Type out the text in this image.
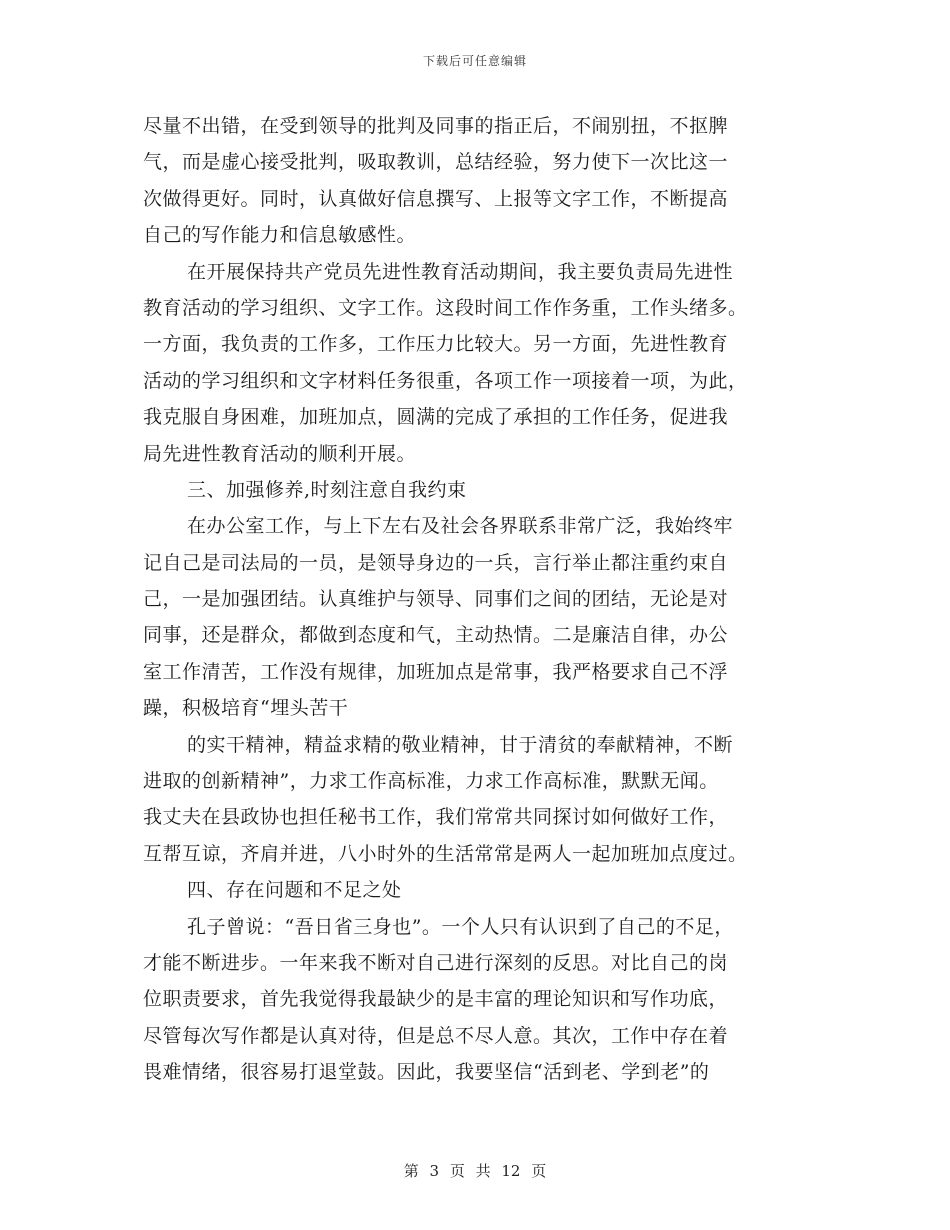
下载后可任意编辑
尽量不出错，在受到领导的批判及同事的指正后，不闹别扭，不抠脾
气，而是虚心接受批判，吸取教训，总结经验，努力使下一次比这一
次做得更好。同时，认真做好信息撰写、上报等文字工作，不断提高
自己的写作能力和信息敏感性。
在开展保持共产党员先进性教育活动期间，我主要负责局先进性
教育活动的学习组织、文字工作。这段时间工作作务重，工作头绪多。
一方面，我负责的工作多，工作压力比较大。另一方面，先进性教育
活动的学习组织和文字材料任务很重，各项工作一项接着一项，为此，
我克服自身困难，加班加点，圆满的完成了承担的工作任务，促进我
局先进性教育活动的顺利开展。
三、加强修养,时刻注意自我约束
在办公室工作，与上下左右及社会各界联系非常广泛，我始终牢
记自己是司法局的一员，是领导身边的一兵，言行举止都注重约束自
己，一是加强团结。认真维护与领导、同事们之间的团结，无论是对
同事，还是群众，都做到态度和气，主动热情。二是廉洁自律，办公
室工作清苦，工作没有规律，加班加点是常事，我严格要求自己不浮
躁，积极培育“埋头苦干
的实干精神，精益求精的敬业精神，甘于清贫的奉献精神，不断
进取的创新精神”，力求工作高标准，力求工作高标准，默默无闻。
我丈夫在县政协也担任秘书工作，我们常常共同探讨如何做好工作，
互帮互谅，齐肩并进，八小时外的生活常常是两人一起加班加点度过。
四、存在问题和不足之处
孔子曾说：“吾日省三身也”。一个人只有认识到了自己的不足，
才能不断进步。一年来我不断对自己进行深刻的反思。对比自己的岗
位职责要求，首先我觉得我最缺少的是丰富的理论知识和写作功底，
尽管每次写作都是认真对待，但是总不尽人意。其次，工作中存在着
畏难情绪，很容易打退堂鼓。因此，我要坚信“活到老、学到老”的
第 3 页 共 12 页
